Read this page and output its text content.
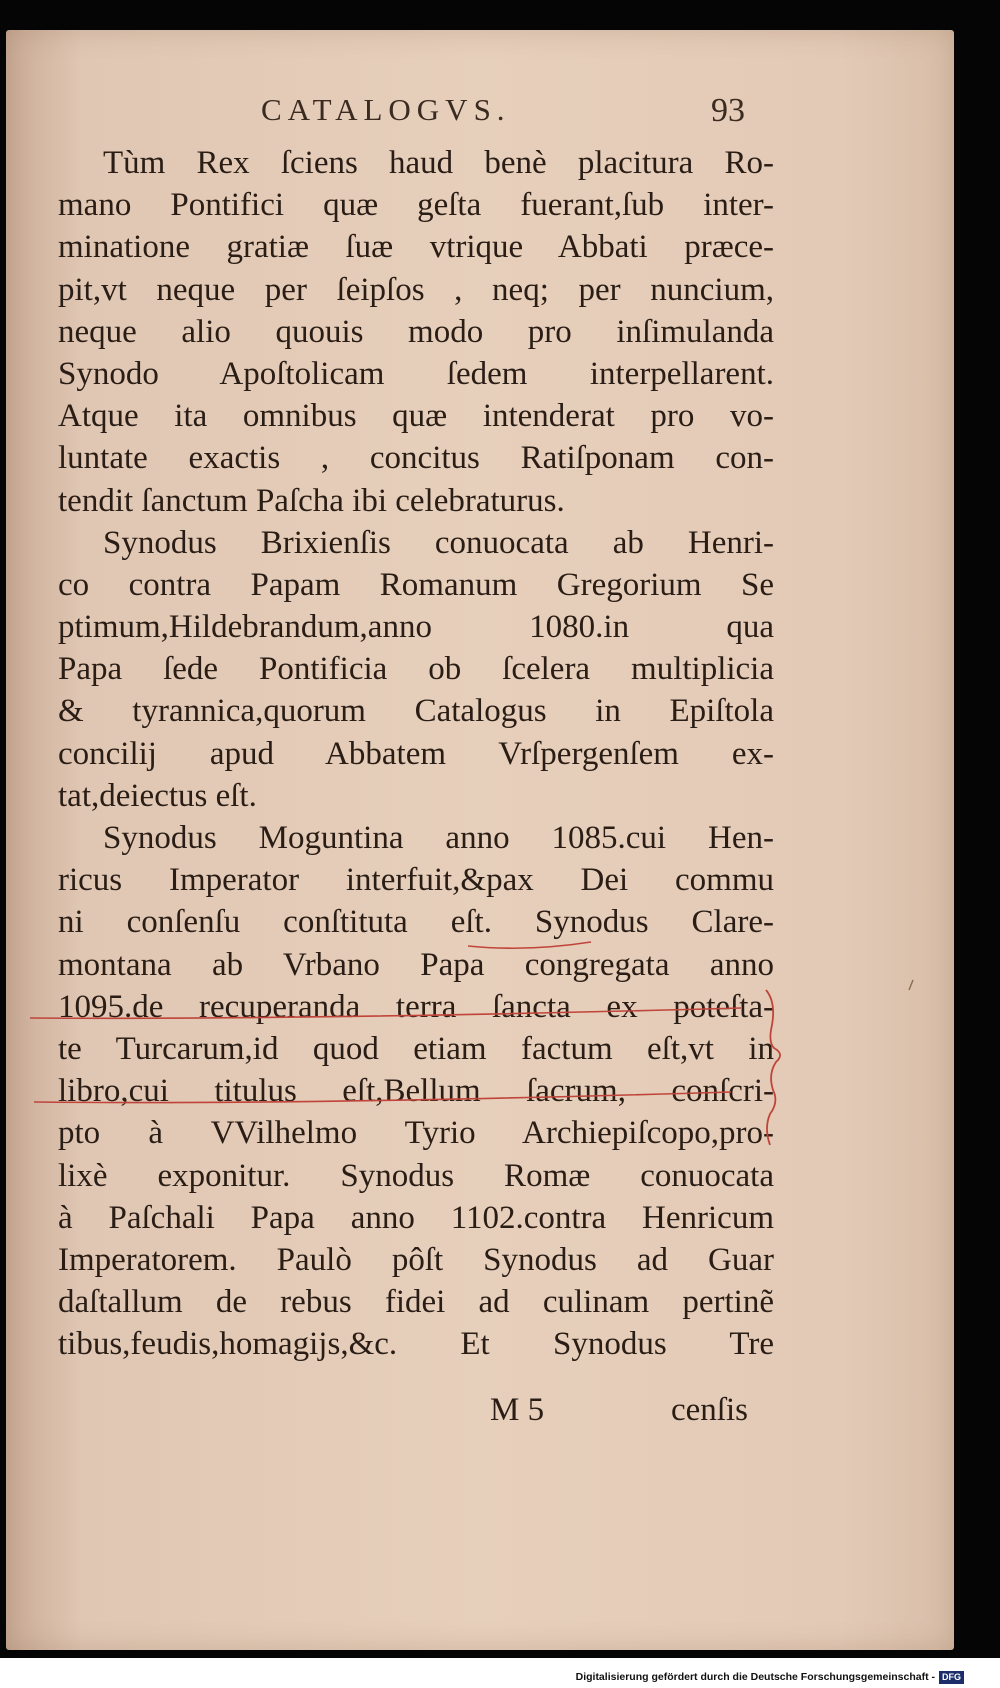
CATALOGVS.	93
Tùm Rex ſciens haud benè placitura Ro-
mano Pontifici quæ geſta fuerant,ſub inter-
minatione gratiæ ſuæ vtrique Abbati præce-
pit,vt neque per ſeipſos , neq; per nuncium,
neque alio quouis modo pro inſimulanda
Synodo Apoſtolicam ſedem interpellarent.
Atque ita omnibus quæ intenderat pro vo-
luntate exactis , concitus Ratiſponam con-
tendit ſanctum Paſcha ibi celebraturus.
Synodus Brixienſis conuocata ab Henri-
co contra Papam Romanum Gregorium Se
ptimum,Hildebrandum,anno 1080.in qua
Papa ſede Pontificia ob ſcelera multiplicia
& tyrannica,quorum Catalogus in Epiſtola
concilij apud Abbatem Vrſpergenſem ex-
tat,deiectus eſt.
Synodus Moguntina anno 1085.cui Hen-
ricus Imperator interfuit,&pax Dei commu
ni conſenſu conſtituta eſt. Synodus Clare-
montana ab Vrbano Papa congregata anno
1095.de recuperanda terra ſancta ex poteſta-
te Turcarum,id quod etiam factum eſt,vt in
libro,cui titulus eſt,Bellum ſacrum, conſcri-
pto à VVilhelmo Tyrio Archiepiſcopo,pro-
lixè exponitur. Synodus Romæ conuocata
à Paſchali Papa anno 1102.contra Henricum
Imperatorem. Paulò pôſt Synodus ad Guar
daſtallum de rebus fidei ad culinam pertinẽ
tibus,feudis,homagijs,&c. Et Synodus Tre
M 5	cenſis
Digitalisierung gefördert durch die Deutsche Forschungsgemeinschaft - DFG
